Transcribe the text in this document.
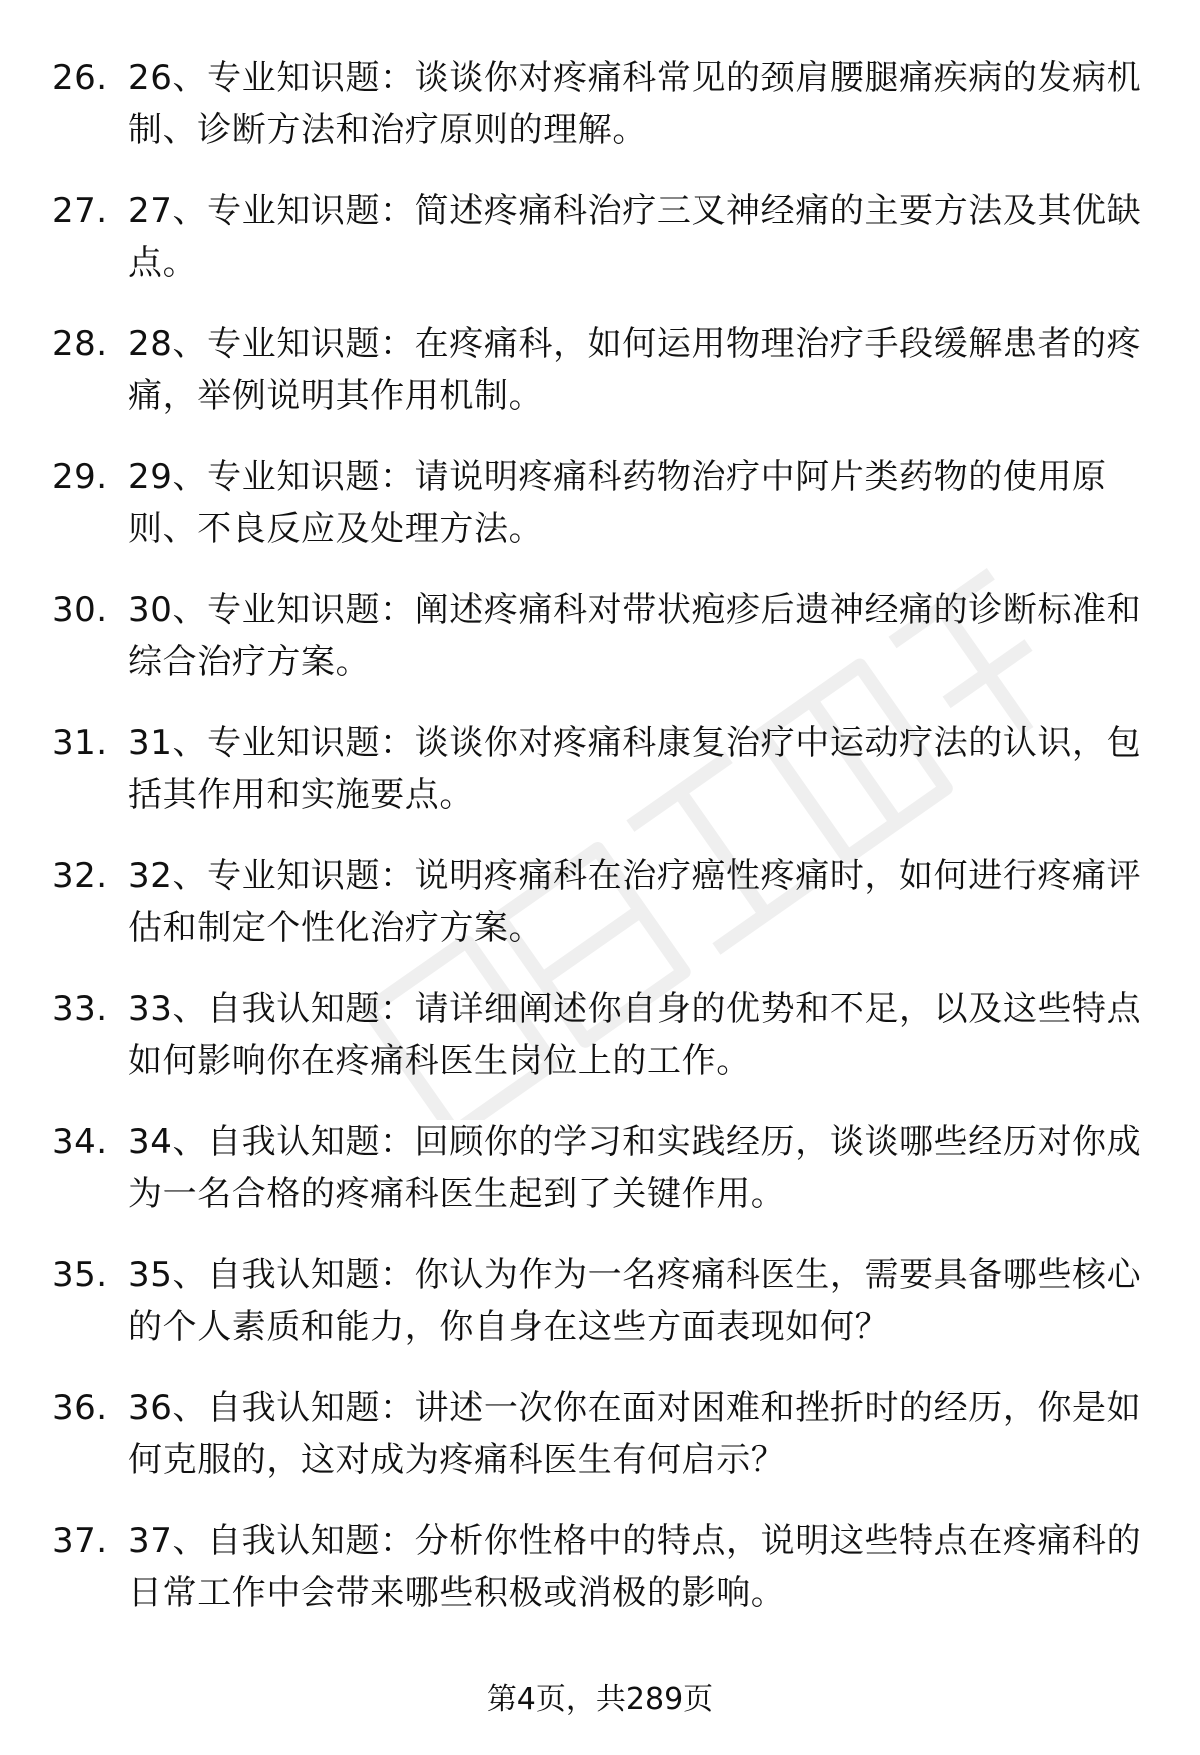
26. 26、专业知识题：谈谈你对疼痛科常见的颈肩腰腿痛疾病的发病机制、诊断方法和治疗原则的理解。
27. 27、专业知识题：简述疼痛科治疗三叉神经痛的主要方法及其优缺点。
28. 28、专业知识题：在疼痛科，如何运用物理治疗手段缓解患者的疼痛，举例说明其作用机制。
29. 29、专业知识题：请说明疼痛科药物治疗中阿片类药物的使用原则、不良反应及处理方法。
30. 30、专业知识题：阐述疼痛科对带状疱疹后遗神经痛的诊断标准和综合治疗方案。
31. 31、专业知识题：谈谈你对疼痛科康复治疗中运动疗法的认识，包括其作用和实施要点。
32. 32、专业知识题：说明疼痛科在治疗癌性疼痛时，如何进行疼痛评估和制定个性化治疗方案。
33. 33、自我认知题：请详细阐述你自身的优势和不足，以及这些特点如何影响你在疼痛科医生岗位上的工作。
34. 34、自我认知题：回顾你的学习和实践经历，谈谈哪些经历对你成为一名合格的疼痛科医生起到了关键作用。
35. 35、自我认知题：你认为作为一名疼痛科医生，需要具备哪些核心的个人素质和能力，你自身在这些方面表现如何？
36. 36、自我认知题：讲述一次你在面对困难和挫折时的经历，你是如何克服的，这对成为疼痛科医生有何启示？
37. 37、自我认知题：分析你性格中的特点，说明这些特点在疼痛科的日常工作中会带来哪些积极或消极的影响。
第4页，共289页
